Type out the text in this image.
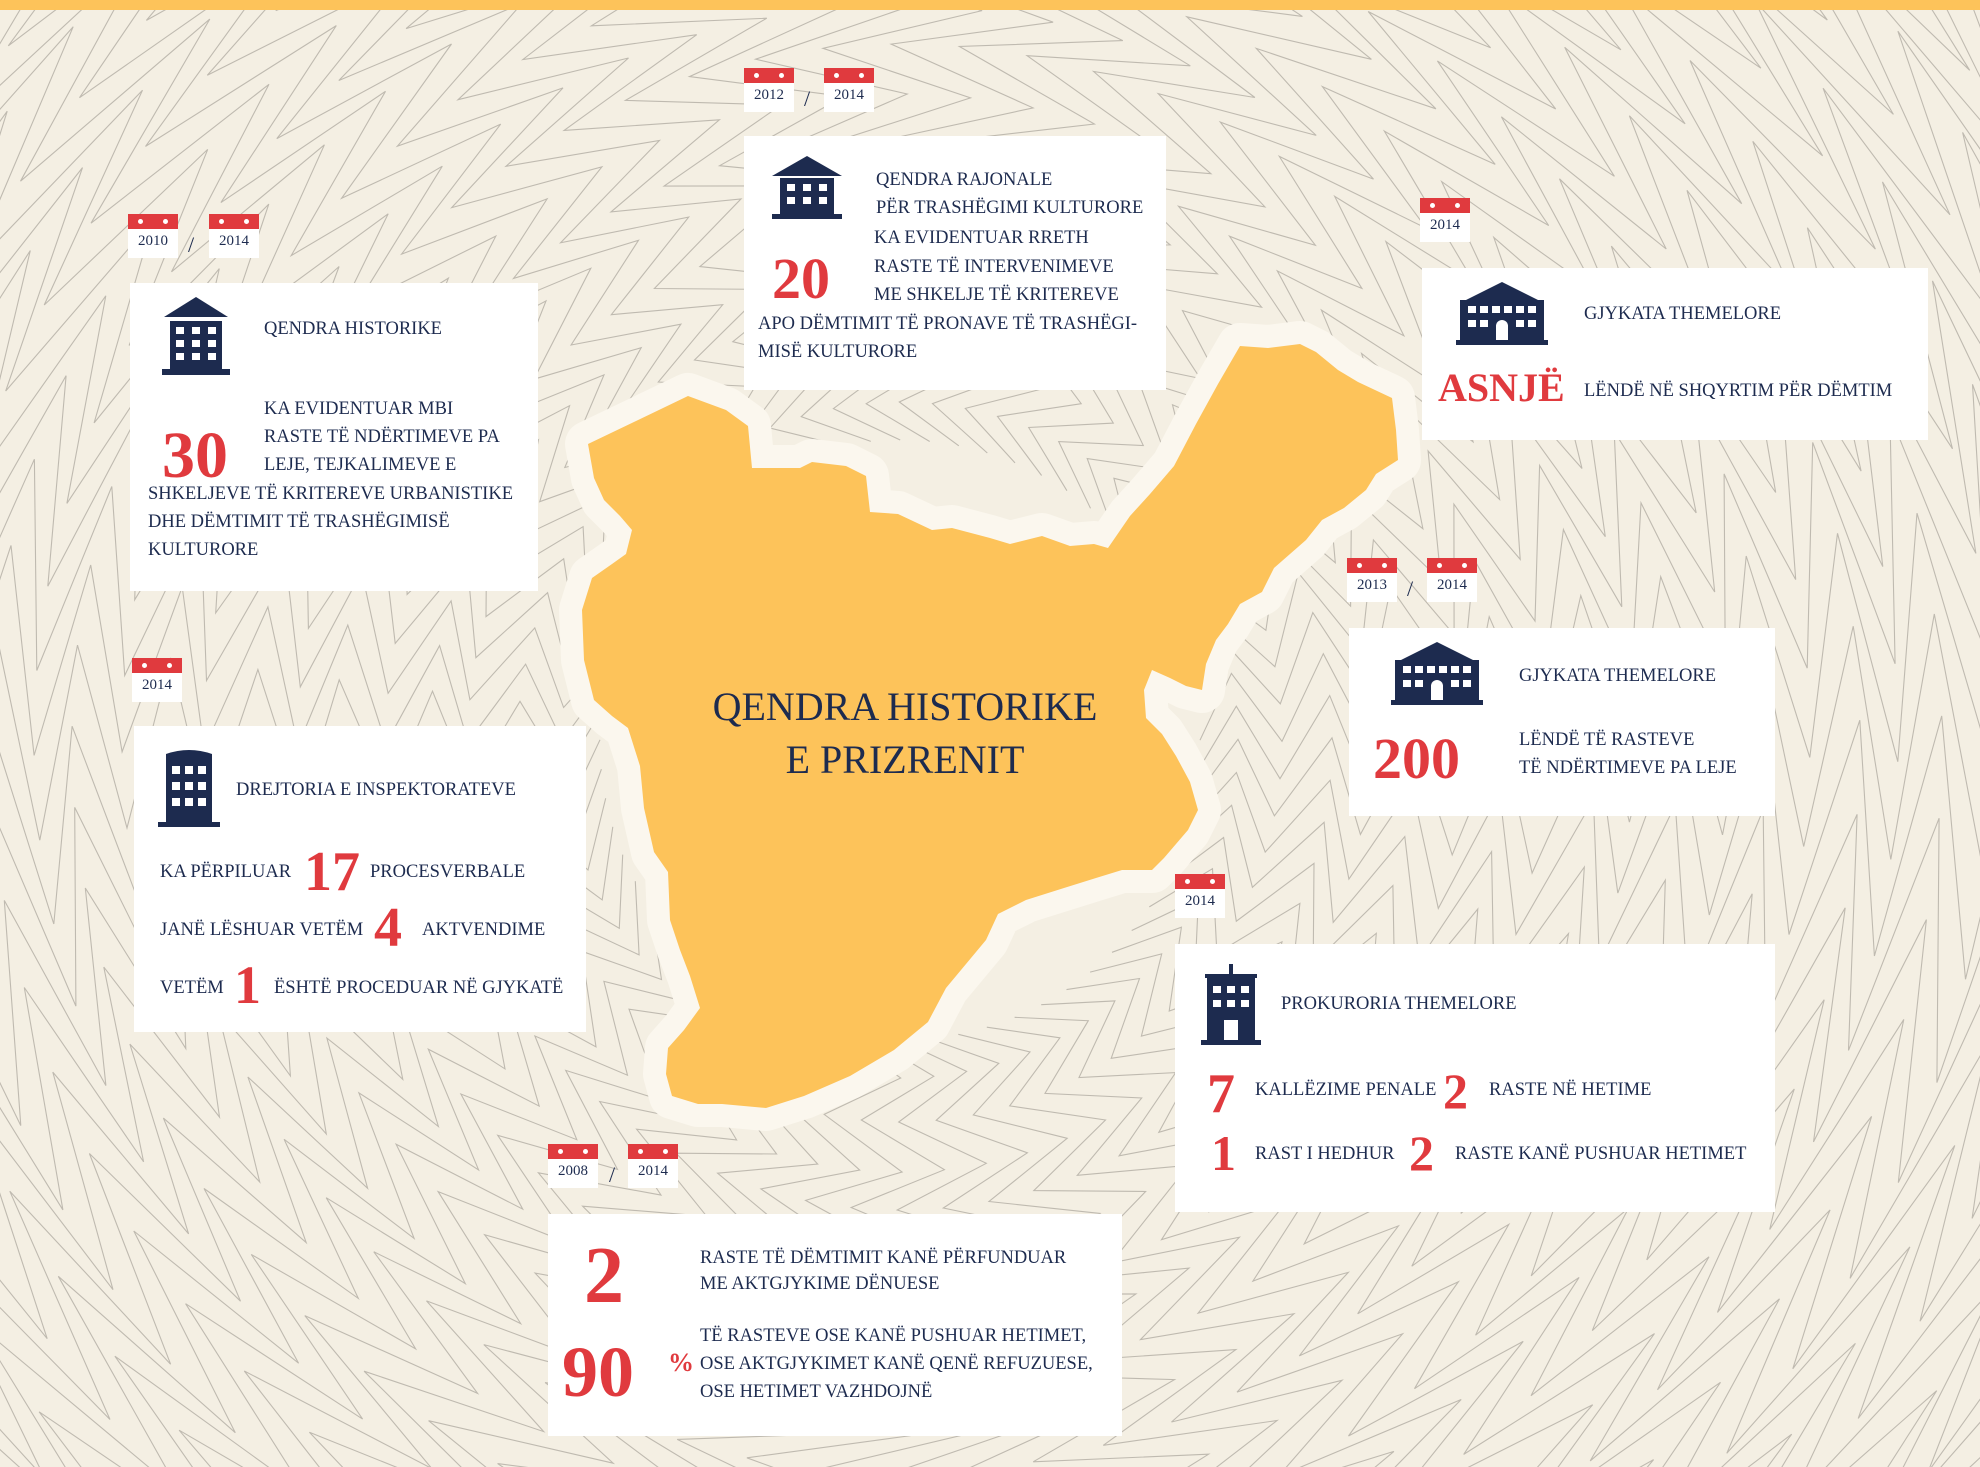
QENDRA HISTORIKE
E PRIZRENIT
2010 /	2014
QENDRA HISTORIKE
30
KA EVIDENTUAR MBI
RASTE TË NDËRTIMEVE PA
LEJE, TEJKALIMEVE E
SHKELJEVE TË KRITEREVE URBANISTIKE
DHE DËMTIMIT TË TRASHËGIMISË
KULTURORE
2012 /	2014
QENDRA RAJONALE
PËR TRASHËGIMI KULTURORE
20
KA EVIDENTUAR RRETH
RASTE TË INTERVENIMEVE
ME SHKELJE TË KRITEREVE
APO DËMTIMIT TË PRONAVE TË TRASHËGI-
MISË KULTURORE
2014
GJYKATA THEMELORE
ASNJË LËNDË NË SHQYRTIM PËR DËMTIM
2013 /	2014
GJYKATA THEMELORE
200	LËNDË TË RASTEVE
TË NDËRTIMEVE PA LEJE
2014
DREJTORIA E INSPEKTORATEVE
KA PËRPILUAR 17 PROCESVERBALE
JANË LËSHUAR VETËM 4 AKTVENDIME
VETËM 1 ËSHTË PROCEDUAR NË GJYKATË
2014
PROKURORIA THEMELORE
7 KALLËZIME PENALE 2 RASTE NË HETIME
1 RAST I HEDHUR 2 RASTE KANË PUSHUAR HETIMET
2008 /	2014
2	RASTE TË DËMTIMIT KANË PËRFUNDUAR
ME AKTGJYKIME DËNUESE
90 %
TË RASTEVE OSE KANË PUSHUAR HETIMET,
OSE AKTGJYKIMET KANË QENË REFUZUESE,
OSE HETIMET VAZHDOJNË
